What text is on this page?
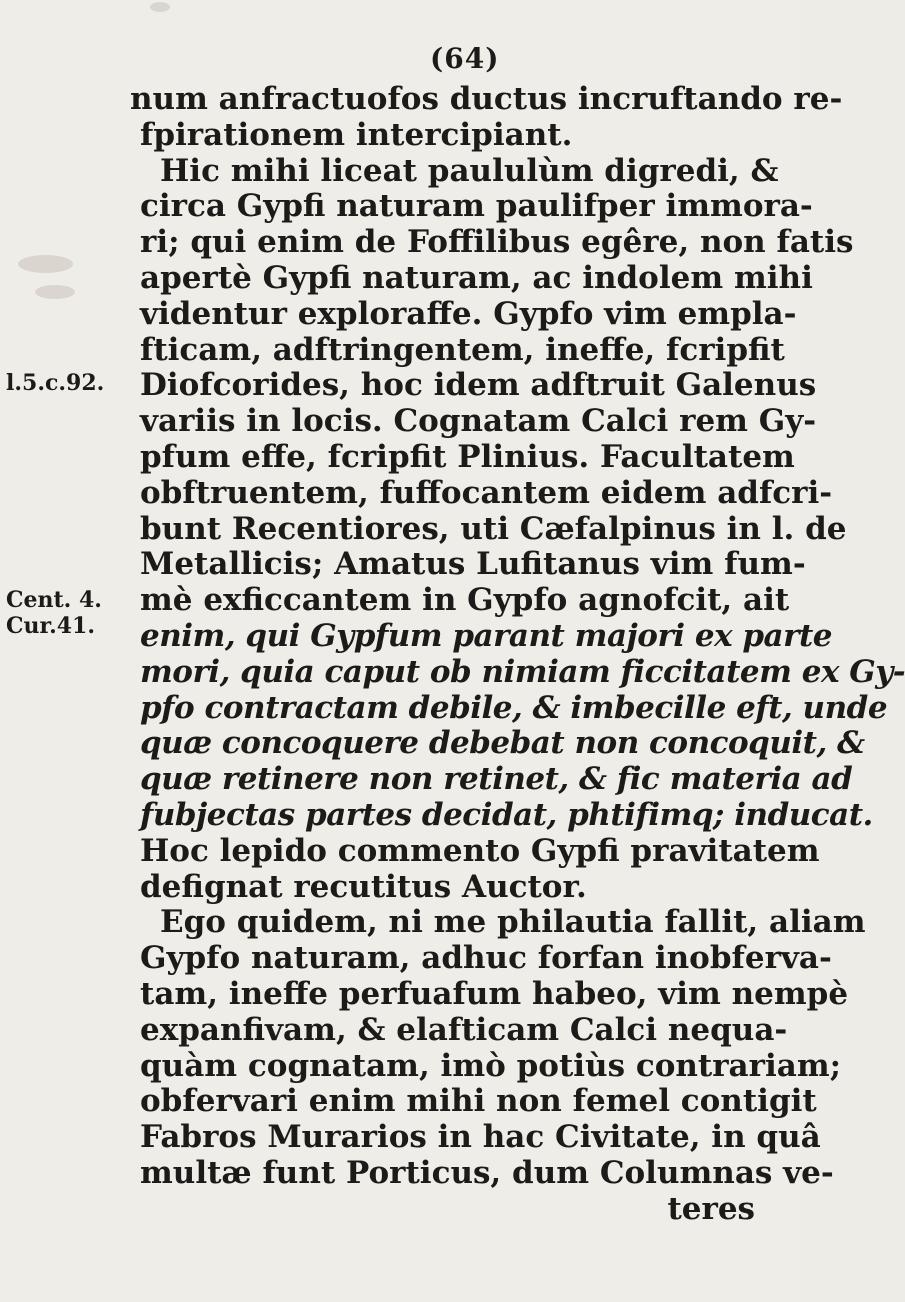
(64)
num anfractuofos ductus incruftando re-
fpirationem intercipiant.
Hic mihi liceat paululùm digredi, &
circa Gypfi naturam paulifper immora-
ri; qui enim de Foffilibus egêre, non fatis
apertè Gypfi naturam, ac indolem mihi
videntur exploraffe. Gypfo vim empla-
fticam, adftringentem, ineffe, fcripfit
Diofcorides, hoc idem adftruit Galenus
variis in locis. Cognatam Calci rem Gy-
pfum effe, fcripfit Plinius. Facultatem
obftruentem, fuffocantem eidem adfcri-
bunt Recentiores, uti Cæfalpinus in l. de
Metallicis; Amatus Lufitanus vim fum-
mè exficcantem in Gypfo agnofcit, ait
enim, qui Gypfum parant majori ex parte
mori, quia caput ob nimiam ficcitatem ex Gy-
pfo contractam debile, & imbecille eft, unde
quæ concoquere debebat non concoquit, &
quæ retinere non retinet, & fic materia ad
fubjectas partes decidat, phtifimq; inducat.
Hoc lepido commento Gypfi pravitatem
defignat recutitus Auctor.
Ego quidem, ni me philautia fallit, aliam
Gypfo naturam, adhuc forfan inobferva-
tam, ineffe perfuafum habeo, vim nempè
expanfivam, & elafticam Calci nequa-
quàm cognatam, imò potiùs contrariam;
obfervari enim mihi non femel contigit
Fabros Murarios in hac Civitate, in quâ
multæ funt Porticus, dum Columnas ve-
teres
l.5.c.92.
Cent. 4.
Cur.41.
